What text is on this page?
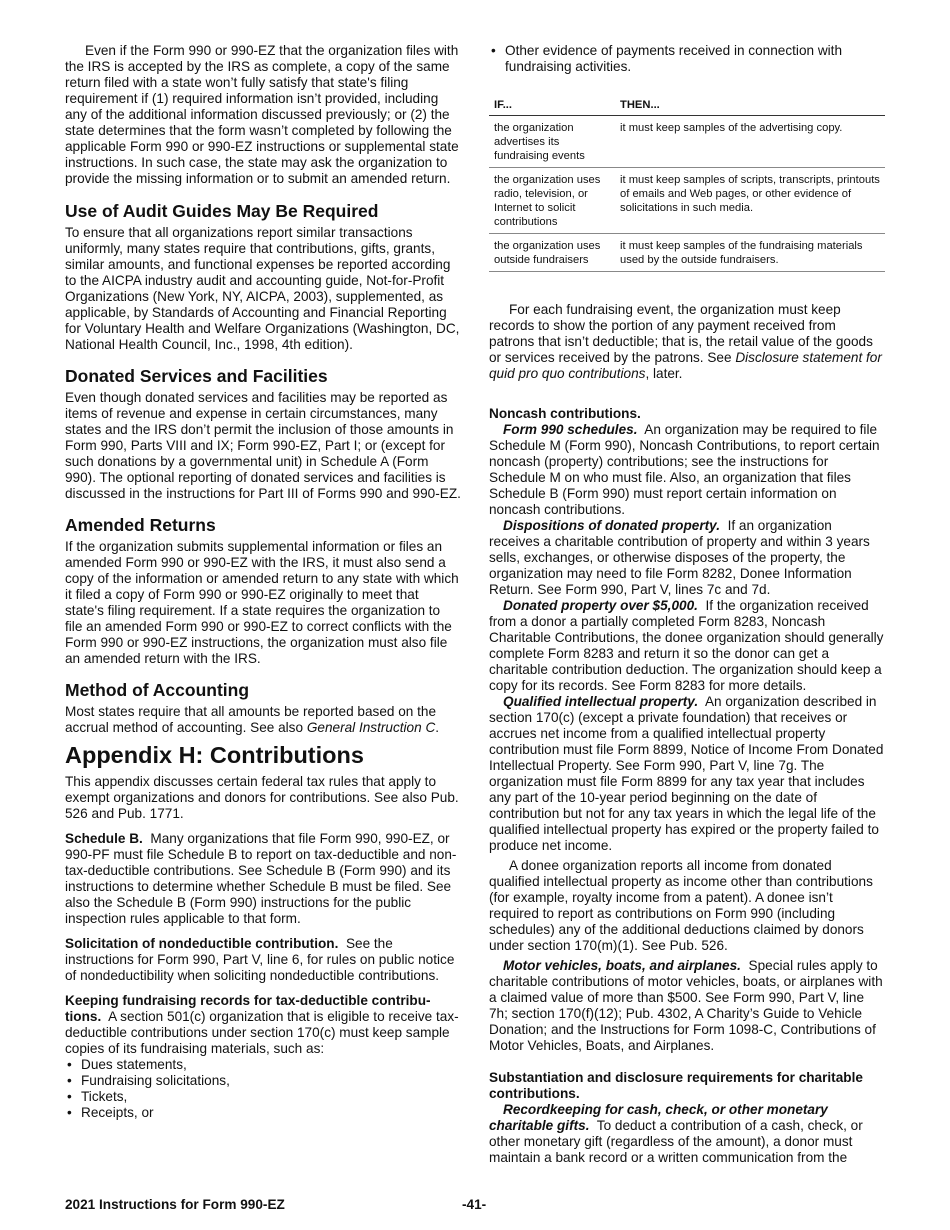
Even if the Form 990 or 990-EZ that the organization files with the IRS is accepted by the IRS as complete, a copy of the same return filed with a state won’t fully satisfy that state's filing requirement if (1) required information isn’t provided, including any of the additional information discussed previously; or (2) the state determines that the form wasn’t completed by following the applicable Form 990 or 990-EZ instructions or supplemental state instructions. In such case, the state may ask the organization to provide the missing information or to submit an amended return.

Use of Audit Guides May Be Required

To ensure that all organizations report similar transactions uniformly, many states require that contributions, gifts, grants, similar amounts, and functional expenses be reported according to the AICPA industry audit and accounting guide, Not-for-Profit Organizations (New York, NY, AICPA, 2003), supplemented, as applicable, by Standards of Accounting and Financial Reporting for Voluntary Health and Welfare Organizations (Washington, DC, National Health Council, Inc., 1998, 4th edition).

Donated Services and Facilities

Even though donated services and facilities may be reported as items of revenue and expense in certain circumstances, many states and the IRS don’t permit the inclusion of those amounts in Form 990, Parts VIII and IX; Form 990-EZ, Part I; or (except for such donations by a governmental unit) in Schedule A (Form 990). The optional reporting of donated services and facilities is discussed in the instructions for Part III of Forms 990 and 990-EZ.

Amended Returns

If the organization submits supplemental information or files an amended Form 990 or 990-EZ with the IRS, it must also send a copy of the information or amended return to any state with which it filed a copy of Form 990 or 990-EZ originally to meet that state's filing requirement. If a state requires the organization to file an amended Form 990 or 990-EZ to correct conflicts with the Form 990 or 990-EZ instructions, the organization must also file an amended return with the IRS.

Method of Accounting

Most states require that all amounts be reported based on the accrual method of accounting. See also General Instruction C.

Appendix H: Contributions

This appendix discusses certain federal tax rules that apply to exempt organizations and donors for contributions. See also Pub. 526 and Pub. 1771.

Schedule B. Many organizations that file Form 990, 990-EZ, or 990-PF must file Schedule B to report on tax-deductible and non-tax-deductible contributions. See Schedule B (Form 990) and its instructions to determine whether Schedule B must be filed. See also the Schedule B (Form 990) instructions for the public inspection rules applicable to that form.

Solicitation of nondeductible contribution. See the instructions for Form 990, Part V, line 6, for rules on public notice of nondeductibility when soliciting nondeductible contributions.

Keeping fundraising records for tax-deductible contribu-
tions. A section 501(c) organization that is eligible to receive tax-deductible contributions under section 170(c) must keep sample copies of its fundraising materials, such as:

• Dues statements,
• Fundraising solicitations,
• Tickets,
• Receipts, or
• Other evidence of payments received in connection with fundraising activities.
IF...	THEN...
the organization advertises its fundraising events	it must keep samples of the advertising copy.
the organization uses radio, television, or Internet to solicit contributions	it must keep samples of scripts, transcripts, printouts of emails and Web pages, or other evidence of solicitations in such media.
the organization uses outside fundraisers	it must keep samples of the fundraising materials used by the outside fundraisers.

For each fundraising event, the organization must keep records to show the portion of any payment received from patrons that isn’t deductible; that is, the retail value of the goods or services received by the patrons. See Disclosure statement for quid pro quo contributions, later.

Noncash contributions.

Form 990 schedules. An organization may be required to file Schedule M (Form 990), Noncash Contributions, to report certain noncash (property) contributions; see the instructions for Schedule M on who must file. Also, an organization that files Schedule B (Form 990) must report certain information on noncash contributions.

Dispositions of donated property. If an organization receives a charitable contribution of property and within 3 years sells, exchanges, or otherwise disposes of the property, the organization may need to file Form 8282, Donee Information Return. See Form 990, Part V, lines 7c and 7d.

Donated property over $5,000. If the organization received from a donor a partially completed Form 8283, Noncash Charitable Contributions, the donee organization should generally complete Form 8283 and return it so the donor can get a charitable contribution deduction. The organization should keep a copy for its records. See Form 8283 for more details.

Qualified intellectual property. An organization described in section 170(c) (except a private foundation) that receives or accrues net income from a qualified intellectual property contribution must file Form 8899, Notice of Income From Donated Intellectual Property. See Form 990, Part V, line 7g. The organization must file Form 8899 for any tax year that includes any part of the 10-year period beginning on the date of contribution but not for any tax years in which the legal life of the qualified intellectual property has expired or the property failed to produce net income.

A donee organization reports all income from donated qualified intellectual property as income other than contributions (for example, royalty income from a patent). A donee isn’t required to report as contributions on Form 990 (including schedules) any of the additional deductions claimed by donors under section 170(m)(1). See Pub. 526.

Motor vehicles, boats, and airplanes. Special rules apply to charitable contributions of motor vehicles, boats, or airplanes with a claimed value of more than $500. See Form 990, Part V, line 7h; section 170(f)(12); Pub. 4302, A Charity’s Guide to Vehicle Donation; and the Instructions for Form 1098-C, Contributions of Motor Vehicles, Boats, and Airplanes.

Substantiation and disclosure requirements for charitable contributions.

Recordkeeping for cash, check, or other monetary charitable gifts. To deduct a contribution of a cash, check, or other monetary gift (regardless of the amount), a donor must maintain a bank record or a written communication from the

2021 Instructions for Form 990-EZ	-41-
